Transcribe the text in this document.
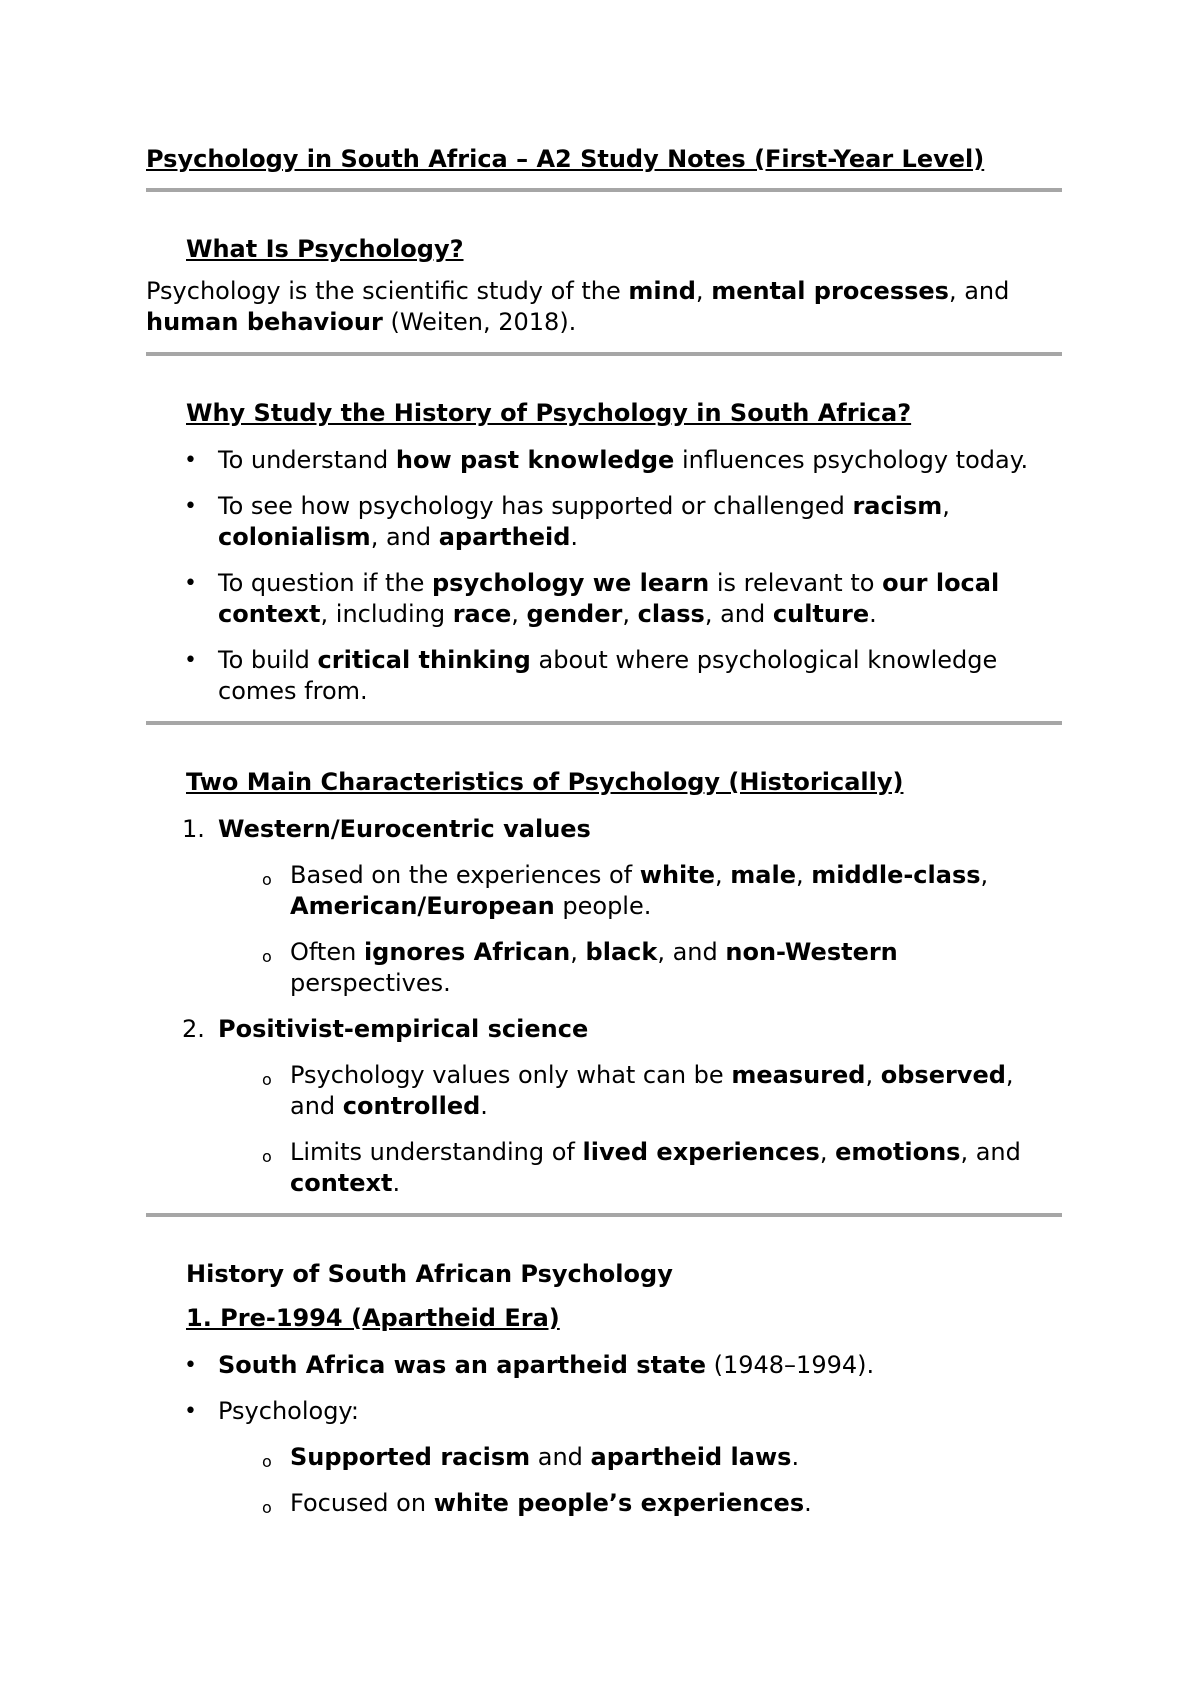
Psychology in South Africa – A2 Study Notes (First-Year Level)

What Is Psychology?

Psychology is the scientific study of the mind, mental processes, and human behaviour (Weiten, 2018).

Why Study the History of Psychology in South Africa?

• To understand how past knowledge influences psychology today.
• To see how psychology has supported or challenged racism, colonialism, and apartheid.
• To question if the psychology we learn is relevant to our local context, including race, gender, class, and culture.
• To build critical thinking about where psychological knowledge comes from.

Two Main Characteristics of Psychology (Historically)

1. Western/Eurocentric values
o Based on the experiences of white, male, middle-class, American/European people.
o Often ignores African, black, and non-Western perspectives.
2. Positivist-empirical science
o Psychology values only what can be measured, observed, and controlled.
o Limits understanding of lived experiences, emotions, and context.

History of South African Psychology

1. Pre-1994 (Apartheid Era)

• South Africa was an apartheid state (1948–1994).
• Psychology:
o Supported racism and apartheid laws.
o Focused on white people’s experiences.
